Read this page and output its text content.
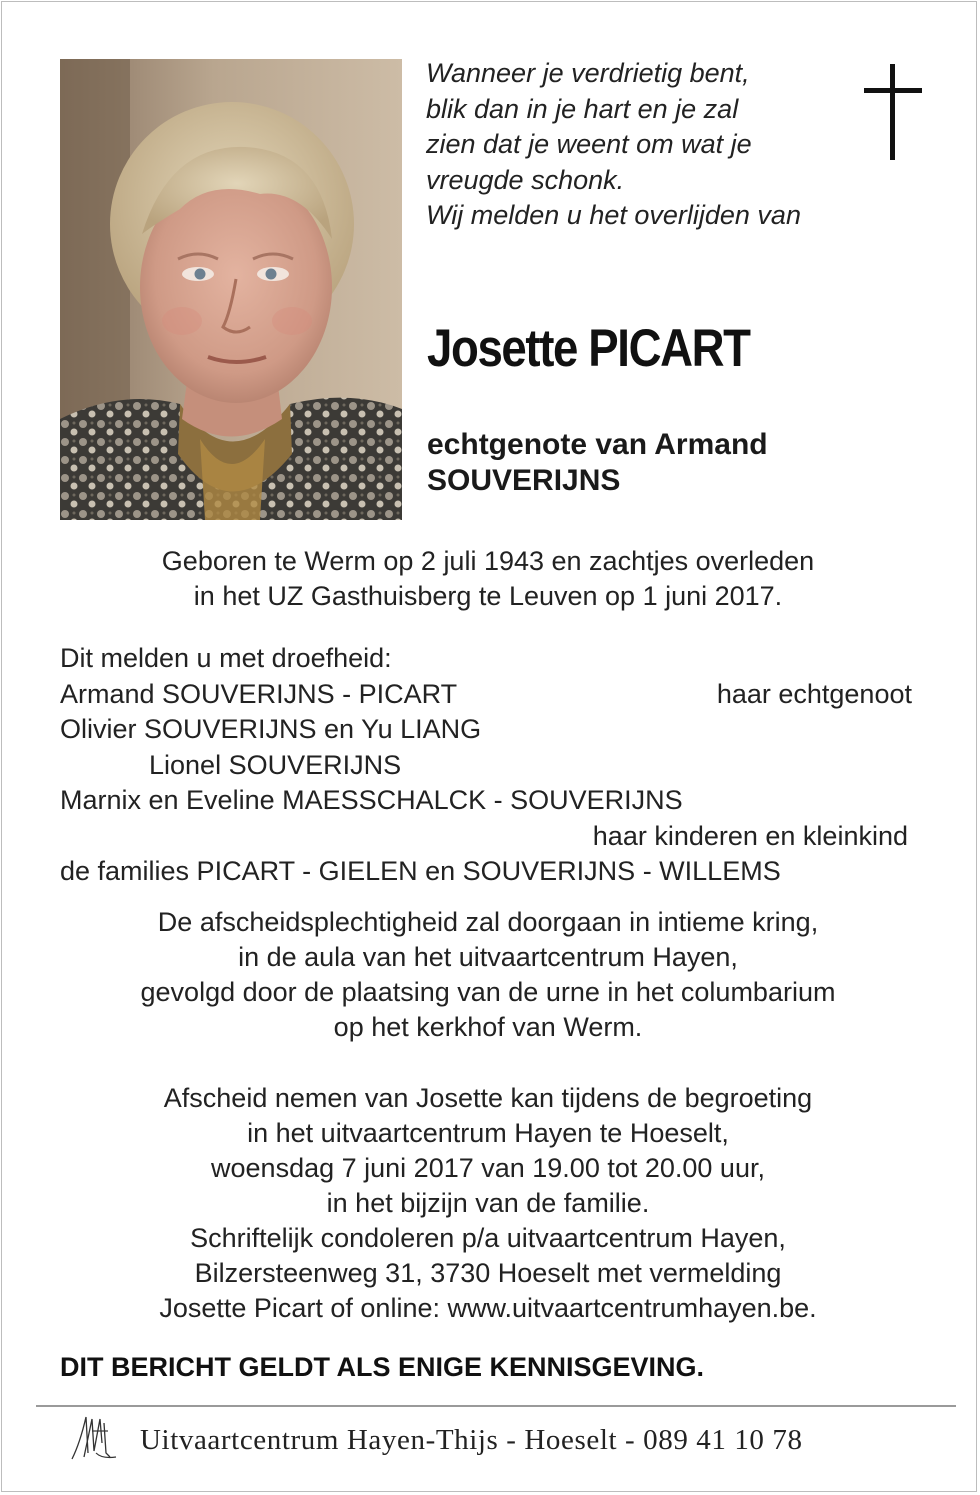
Wanneer je verdrietig bent,
blik dan in je hart en je zal
zien dat je weent om wat je
vreugde schonk.
Wij melden u het overlijden van
Josette PICART
echtgenote van Armand
SOUVERIJNS
Geboren te Werm op 2 juli 1943 en zachtjes overleden
in het UZ Gasthuisberg te Leuven op 1 juni 2017.
Dit melden u met droefheid:
Armand SOUVERIJNS - PICART	haar echtgenoot
Olivier SOUVERIJNS en Yu LIANG
Lionel SOUVERIJNS
Marnix en Eveline MAESSCHALCK - SOUVERIJNS
haar kinderen en kleinkind
de families PICART - GIELEN en SOUVERIJNS - WILLEMS
De afscheidsplechtigheid zal doorgaan in intieme kring,
in de aula van het uitvaartcentrum Hayen,
gevolgd door de plaatsing van de urne in het columbarium
op het kerkhof van Werm.
Afscheid nemen van Josette kan tijdens de begroeting
in het uitvaartcentrum Hayen te Hoeselt,
woensdag 7 juni 2017 van 19.00 tot 20.00 uur,
in het bijzijn van de familie.
Schriftelijk condoleren p/a uitvaartcentrum Hayen,
Bilzersteenweg 31, 3730 Hoeselt met vermelding
Josette Picart of online: www.uitvaartcentrumhayen.be.
DIT BERICHT GELDT ALS ENIGE KENNISGEVING.
Uitvaartcentrum Hayen-Thijs - Hoeselt - 089 41 10 78
